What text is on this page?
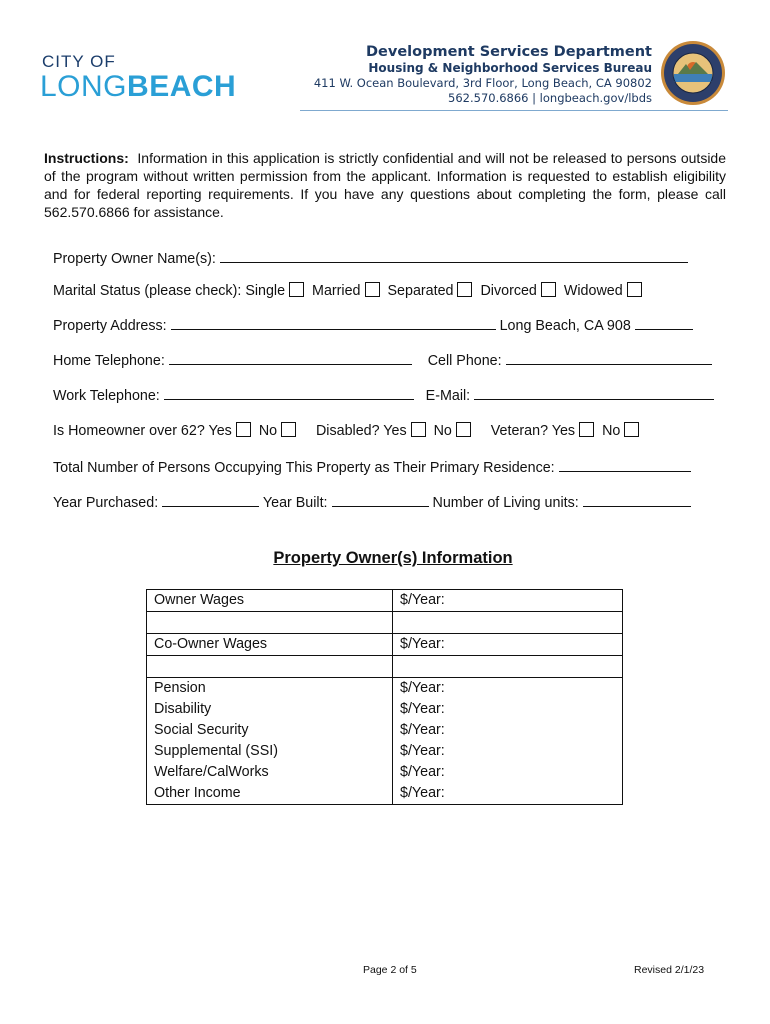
CITY OF
LONGBEACH
Development Services Department
Housing & Neighborhood Services Bureau
411 W. Ocean Boulevard, 3rd Floor, Long Beach, CA 90802
562.570.6866 | longbeach.gov/lbds
Instructions: Information in this application is strictly confidential and will not be released to persons outside of the program without written permission from the applicant. Information is requested to establish eligibility and for federal reporting requirements. If you have any questions about completing the form, please call 562.570.6866 for assistance.
Property Owner Name(s):
Marital Status (please check): Single Married Separated Divorced Widowed
Property Address:	Long Beach, CA 908
Home Telephone:	Cell Phone:
Work Telephone:	E-Mail:
Is Homeowner over 62? Yes No	Disabled? Yes No	Veteran? Yes No
Total Number of Persons Occupying This Property as Their Primary Residence:
Year Purchased:	Year Built:	Number of Living units:
Property Owner(s) Information
Owner Wages	$/Year:

Co-Owner Wages	$/Year:

Pension	$/Year:
Disability	$/Year:
Social Security	$/Year:
Supplemental (SSI)	$/Year:
Welfare/CalWorks	$/Year:
Other Income	$/Year:
Page 2 of 5	Revised 2/1/23
